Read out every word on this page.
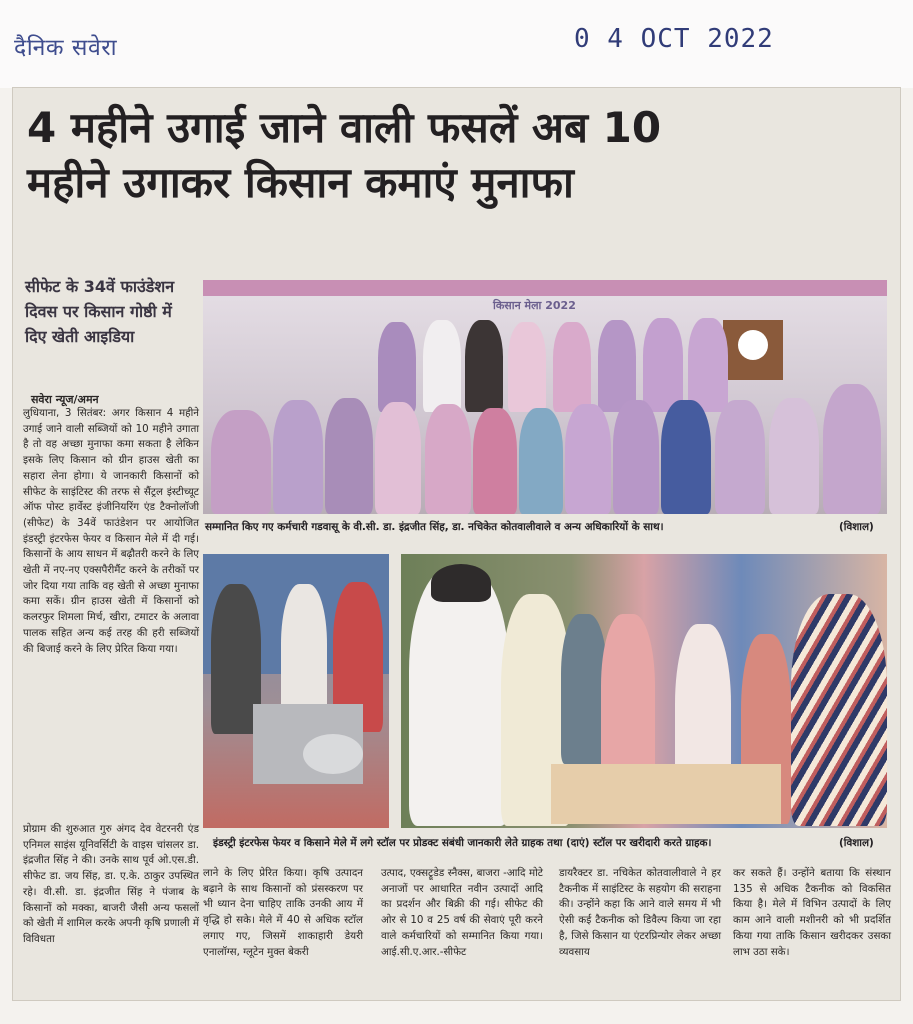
दैनिक सवेरा	0 4 OCT 2022
4 महीने उगाई जाने वाली फसलें अब 10
महीने उगाकर किसान कमाएं मुनाफा
सीफेट के 34वें फाउंडेशन दिवस पर किसान गोष्ठी में दिए खेती आइडिया
सवेरा न्यूज/अमन

लुधियाना, 3 सितंबर: अगर किसान 4 महीने उगाई जाने वाली सब्जियों को 10 महीने उगाता है तो वह अच्छा मुनाफा कमा सकता है लेकिन इसके लिए किसान को ग्रीन हाउस खेती का सहारा लेना होगा। ये जानकारी किसानों को सीफेट के साइंटिस्ट की तरफ से सैंट्रल इंस्टीच्यूट ऑफ पोस्ट हार्वेस्ट इंजीनियरिंग एंड टैक्नोलॉजी (सीफेट) के 34वें फाउंडेशन पर आयोजित इंडस्ट्री इंटरफेस फेयर व किसान मेले में दी गई। किसानों के आय साधन में बढ़ौतरी करने के लिए खेती में नए-नए एक्सपैरीमैंट करने के तरीकों पर जोर दिया गया ताकि वह खेती से अच्छा मुनाफा कमा सकें। ग्रीन हाउस खेती में किसानों को कलरफुर शिमला मिर्च, खीरा, टमाटर के अलावा पालक सहित अन्य कई तरह की हरी सब्जियों की बिजाई करने के लिए प्रेरित किया गया।

प्रोग्राम की शुरुआत गुरु अंगद देव वेटरनरी एंड एनिमल साइंस यूनिवर्सिटी के वाइस चांसलर डा. इंद्रजीत सिंह ने की। उनके साथ पूर्व ओ.एस.डी. सीफेट डा. जय सिंह, डा. ए.के. ठाकुर उपस्थित रहे। वी.सी. डा. इंद्रजीत सिंह ने पंजाब के किसानों को मक्का, बाजरी जैसी अन्य फसलों को खेती में शामिल करके अपनी कृषि प्रणाली में विविधता

लाने के लिए प्रेरित किया। कृषि उत्पादन बढ़ाने के साथ किसानों को प्रंसस्करण पर भी ध्यान देना चाहिए ताकि उनकी आय में वृद्धि हो सके। मेले में 40 से अधिक स्टॉल लगाए गए, जिसमें शाकाहारी डेयरी एनालॉग्स, ग्लूटेन मुक्त बेकरी

उत्पाद, एक्सट्रूडेड स्नैक्स, बाजरा -आदि मोटे अनाजों पर आधारित नवीन उत्पादों आदि का प्रदर्शन और बिक्री की गई। सीफेट की ओर से 10 व 25 वर्ष की सेवाएं पूरी करने वाले कर्मचारियों को सम्मानित किया गया। आई.सी.ए.आर.-सीफेट

डायरैक्टर डा. नचिकेत कोतवालीवाले ने हर टैकनीक में साइंटिस्ट के सहयोग की सराहना की। उन्होंने कहा कि आने वाले समय में भी ऐसी कई टैकनीक को डिवैल्प किया जा रहा है, जिसे किसान या एंटरप्रिन्योर लेकर अच्छा व्यवसाय

कर सकते हैं। उन्होंने बताया कि संस्थान 135 से अधिक टैकनीक को विकसित किया है। मेले में विभिन उत्पादों के लिए काम आने वाली मशीनरी को भी प्रदर्शित किया गया ताकि किसान खरीदकर उसका लाभ उठा सके।

किसान मेला 2022
सम्मानित किए गए कर्मचारी गडवासू के वी.सी. डा. इंद्रजीत सिंह, डा. नचिकेत कोतवालीवाले व अन्य अधिकारियों के साथ।	(विशाल)
इंडस्ट्री इंटरफेस फेयर व किसाने मेले में लगे स्टॉल पर प्रोडक्ट संबंधी जानकारी लेते ग्राहक तथा (दाएं) स्टॉल पर खरीदारी करते ग्राहक।	(विशाल)
